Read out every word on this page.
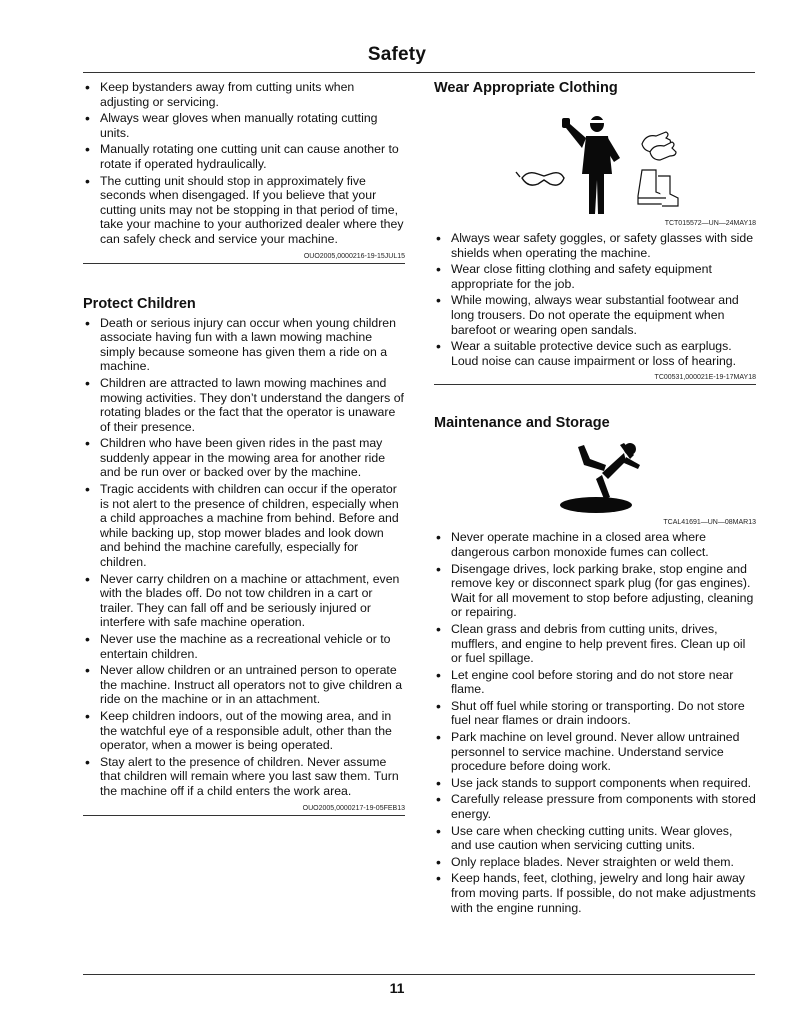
Safety
• Keep bystanders away from cutting units when adjusting or servicing.
• Always wear gloves when manually rotating cutting units.
• Manually rotating one cutting unit can cause another to rotate if operated hydraulically.
• The cutting unit should stop in approximately five seconds when disengaged. If you believe that your cutting units may not be stopping in that period of time, take your machine to your authorized dealer where they can safely check and service your machine.
OUO2005,0000216-19-15JUL15
Protect Children
• Death or serious injury can occur when young children associate having fun with a lawn mowing machine simply because someone has given them a ride on a machine.
• Children are attracted to lawn mowing machines and mowing activities. They don’t understand the dangers of rotating blades or the fact that the operator is unaware of their presence.
• Children who have been given rides in the past may suddenly appear in the mowing area for another ride and be run over or backed over by the machine.
• Tragic accidents with children can occur if the operator is not alert to the presence of children, especially when a child approaches a machine from behind. Before and while backing up, stop mower blades and look down and behind the machine carefully, especially for children.
• Never carry children on a machine or attachment, even with the blades off. Do not tow children in a cart or trailer. They can fall off and be seriously injured or interfere with safe machine operation.
• Never use the machine as a recreational vehicle or to entertain children.
• Never allow children or an untrained person to operate the machine. Instruct all operators not to give children a ride on the machine or in an attachment.
• Keep children indoors, out of the mowing area, and in the watchful eye of a responsible adult, other than the operator, when a mower is being operated.
• Stay alert to the presence of children. Never assume that children will remain where you last saw them. Turn the machine off if a child enters the work area.
OUO2005,0000217-19-05FEB13
Wear Appropriate Clothing
TCT015572—UN—24MAY18
• Always wear safety goggles, or safety glasses with side shields when operating the machine.
• Wear close fitting clothing and safety equipment appropriate for the job.
• While mowing, always wear substantial footwear and long trousers. Do not operate the equipment when barefoot or wearing open sandals.
• Wear a suitable protective device such as earplugs. Loud noise can cause impairment or loss of hearing.
TC00531,000021E-19-17MAY18
Maintenance and Storage
TCAL41691—UN—08MAR13
• Never operate machine in a closed area where dangerous carbon monoxide fumes can collect.
• Disengage drives, lock parking brake, stop engine and remove key or disconnect spark plug (for gas engines). Wait for all movement to stop before adjusting, cleaning or repairing.
• Clean grass and debris from cutting units, drives, mufflers, and engine to help prevent fires. Clean up oil or fuel spillage.
• Let engine cool before storing and do not store near flame.
• Shut off fuel while storing or transporting. Do not store fuel near flames or drain indoors.
• Park machine on level ground. Never allow untrained personnel to service machine. Understand service procedure before doing work.
• Use jack stands to support components when required.
• Carefully release pressure from components with stored energy.
• Use care when checking cutting units. Wear gloves, and use caution when servicing cutting units.
• Only replace blades. Never straighten or weld them.
• Keep hands, feet, clothing, jewelry and long hair away from moving parts. If possible, do not make adjustments with the engine running.
11
